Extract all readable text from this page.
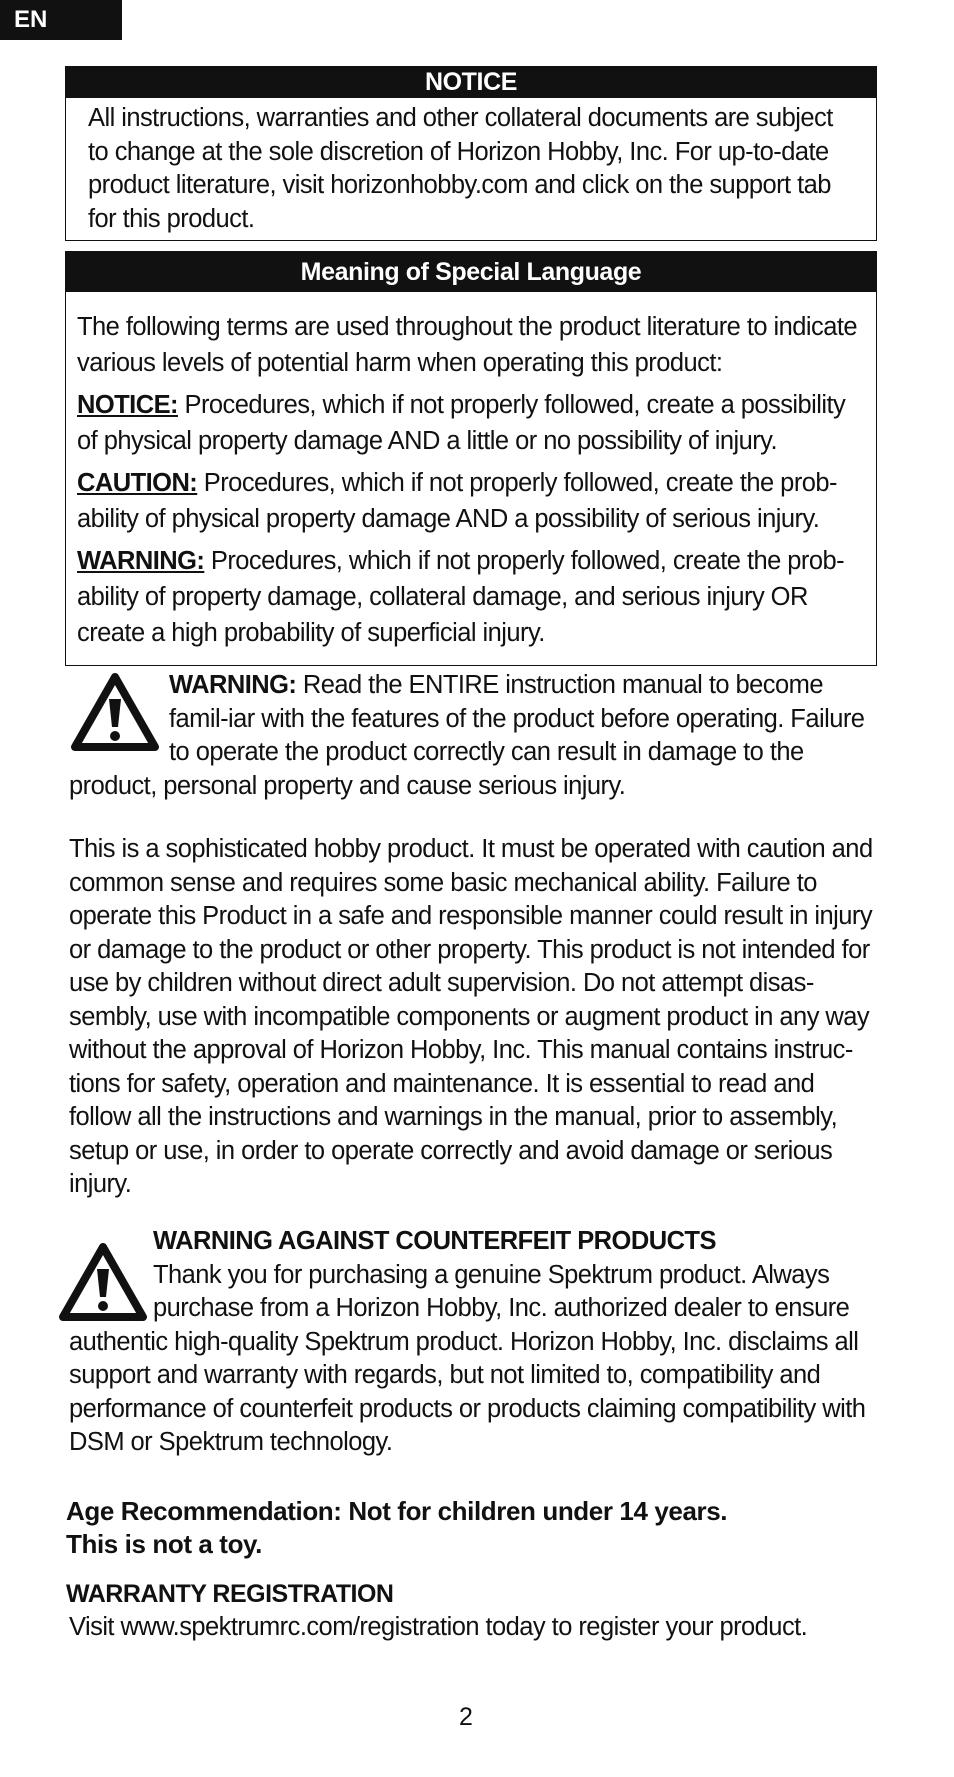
EN
NOTICE
All instructions, warranties and other collateral documents are subject to change at the sole discretion of Horizon Hobby, Inc. For up-to-date product literature, visit horizonhobby.com and click on the support tab for this product.
Meaning of Special Language

The following terms are used throughout the product literature to indicate various levels of potential harm when operating this product:

NOTICE: Procedures, which if not properly followed, create a possibility of physical property damage AND a little or no possibility of injury.

CAUTION: Procedures, which if not properly followed, create the prob-ability of physical property damage AND a possibility of serious injury.

WARNING: Procedures, which if not properly followed, create the prob-ability of property damage, collateral damage, and serious injury OR create a high probability of superficial injury.

WARNING: Read the ENTIRE instruction manual to become famil-iar with the features of the product before operating. Failure to operate the product correctly can result in damage to the product, personal property and cause serious injury.
This is a sophisticated hobby product. It must be operated with caution and common sense and requires some basic mechanical ability. Failure to operate this Product in a safe and responsible manner could result in injury or damage to the product or other property. This product is not intended for use by children without direct adult supervision. Do not attempt disas-sembly, use with incompatible components or augment product in any way without the approval of Horizon Hobby, Inc. This manual contains instruc-tions for safety, operation and maintenance. It is essential to read and follow all the instructions and warnings in the manual, prior to assembly, setup or use, in order to operate correctly and avoid damage or serious injury.
WARNING AGAINST COUNTERFEIT PRODUCTS
Thank you for purchasing a genuine Spektrum product. Always purchase from a Horizon Hobby, Inc. authorized dealer to ensure authentic high-quality Spektrum product. Horizon Hobby, Inc. disclaims all support and warranty with regards, but not limited to, compatibility and performance of counterfeit products or products claiming compatibility with DSM or Spektrum technology.
Age Recommendation: Not for children under 14 years.
This is not a toy.
WARRANTY REGISTRATION
Visit www.spektrumrc.com/registration today to register your product.
2
